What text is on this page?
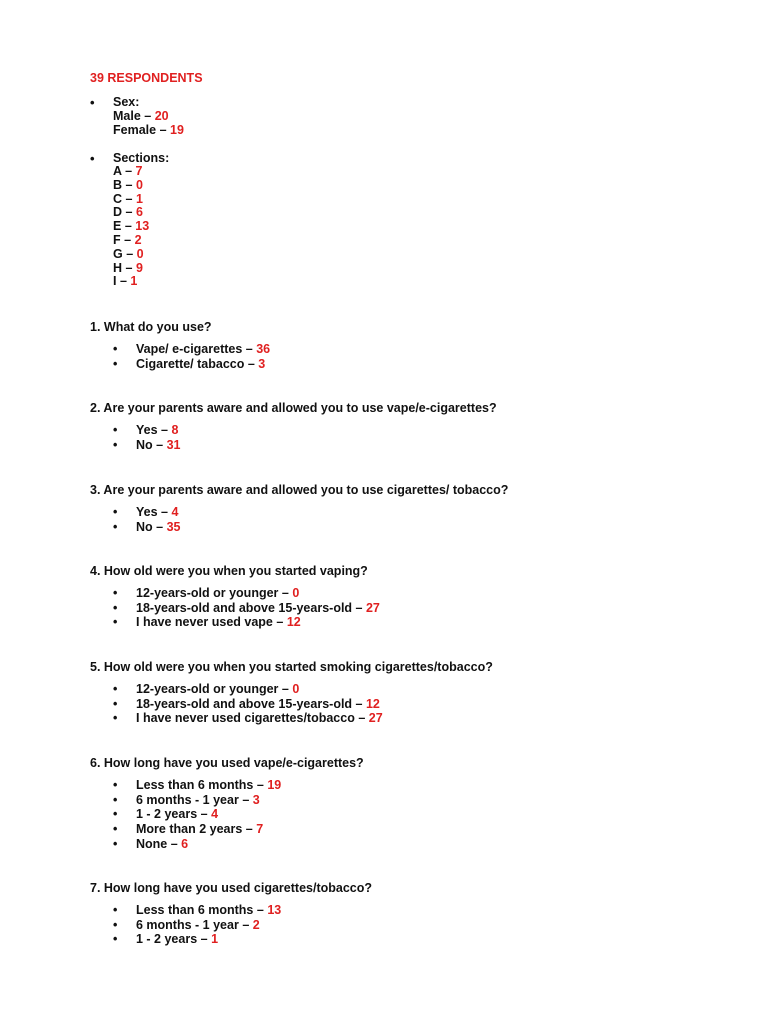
39 RESPONDENTS
• Sex:
Male – 20
Female – 19
• Sections:
A – 7
B – 0
C – 1
D – 6
E – 13
F – 2
G – 0
H – 9
I – 1
1. What do you use?
• Vape/ e-cigarettes – 36
• Cigarette/ tabacco – 3
2. Are your parents aware and allowed you to use vape/e-cigarettes?
• Yes – 8
• No – 31
3. Are your parents aware and allowed you to use cigarettes/ tobacco?
• Yes – 4
• No – 35
4. How old were you when you started vaping?
• 12-years-old or younger – 0
• 18-years-old and above 15-years-old – 27
• I have never used vape – 12
5. How old were you when you started smoking cigarettes/tobacco?
• 12-years-old or younger – 0
• 18-years-old and above 15-years-old – 12
• I have never used cigarettes/tobacco – 27
6. How long have you used vape/e-cigarettes?
• Less than 6 months – 19
• 6 months - 1 year – 3
• 1 - 2 years – 4
• More than 2 years – 7
• None – 6
7. How long have you used cigarettes/tobacco?
• Less than 6 months – 13
• 6 months - 1 year – 2
• 1 - 2 years – 1
